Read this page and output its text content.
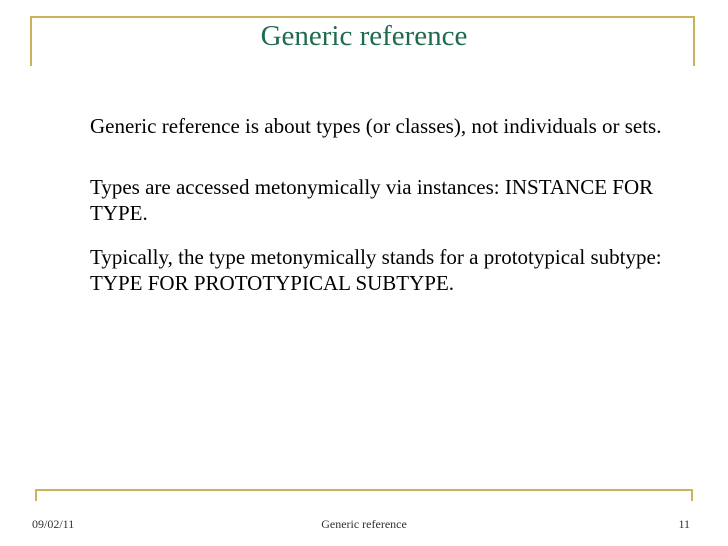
Generic reference
Generic reference is about types (or classes), not individuals or sets.
Types are accessed metonymically via instances: INSTANCE FOR TYPE.
Typically, the type metonymically stands for a prototypical subtype: TYPE FOR PROTOTYPICAL SUBTYPE.
09/02/11	Generic reference	11
